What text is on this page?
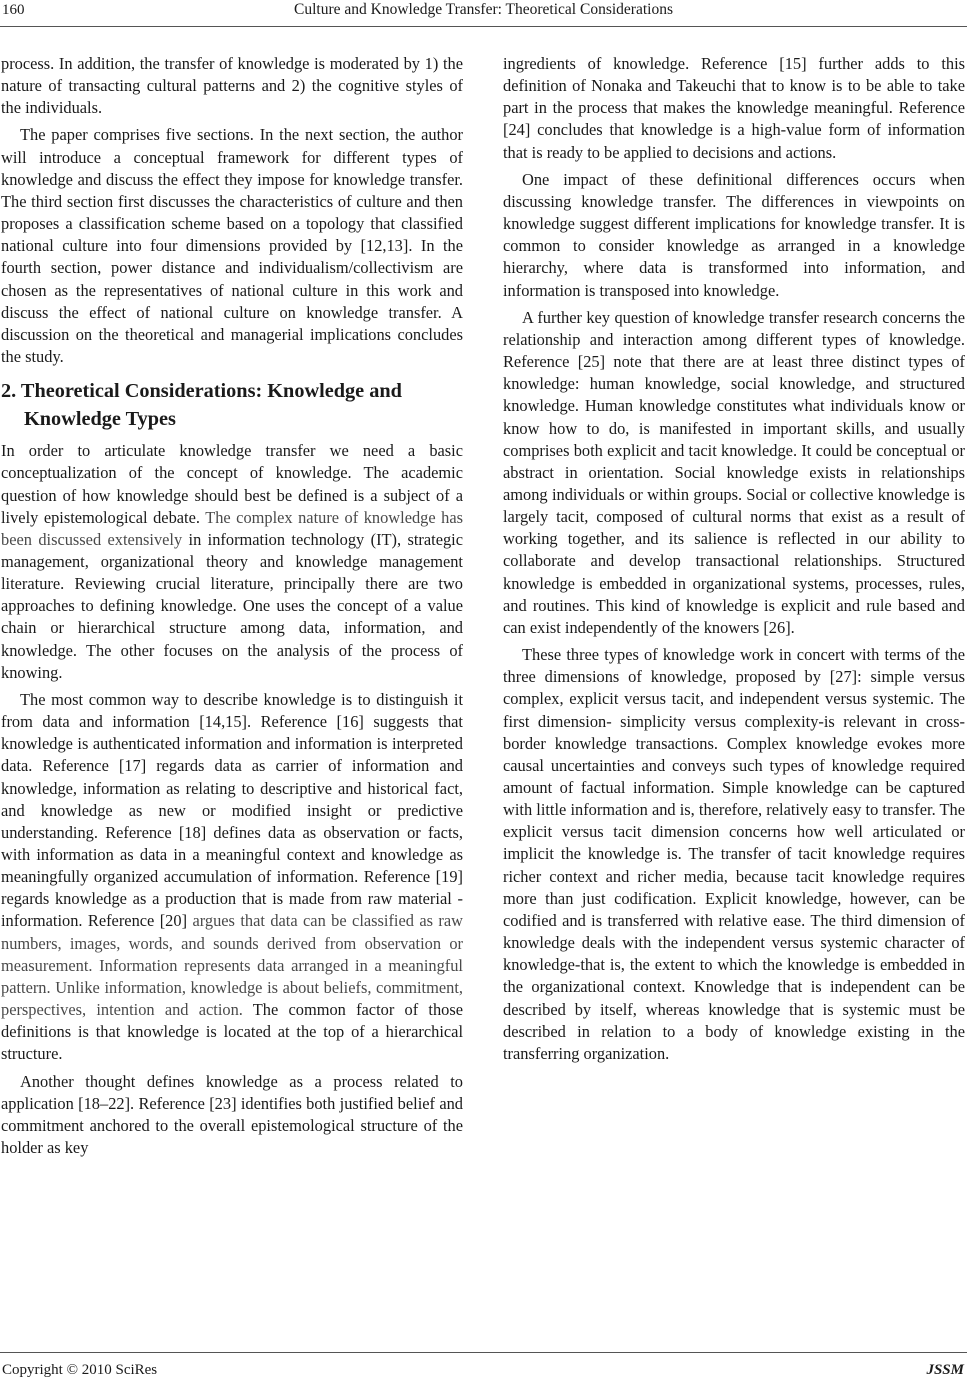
160	Culture and Knowledge Transfer: Theoretical Considerations

process. In addition, the transfer of knowledge is moderated by 1) the nature of transacting cultural patterns and 2) the cognitive styles of the individuals.

The paper comprises five sections. In the next section, the author will introduce a conceptual framework for different types of knowledge and discuss the effect they impose for knowledge transfer. The third section first discusses the characteristics of culture and then proposes a classification scheme based on a topology that classified national culture into four dimensions provided by [12,13]. In the fourth section, power distance and individualism/collectivism are chosen as the representatives of national culture in this work and discuss the effect of national culture on knowledge transfer. A discussion on the theoretical and managerial implications concludes the study.

2. Theoretical Considerations: Knowledge and Knowledge Types

In order to articulate knowledge transfer we need a basic conceptualization of the concept of knowledge. The academic question of how knowledge should best be defined is a subject of a lively epistemological debate. The complex nature of knowledge has been discussed extensively in information technology (IT), strategic management, organizational theory and knowledge management literature. Reviewing crucial literature, principally there are two approaches to defining knowledge. One uses the concept of a value chain or hierarchical structure among data, information, and knowledge. The other focuses on the analysis of the process of knowing.

The most common way to describe knowledge is to distinguish it from data and information [14,15]. Reference [16] suggests that knowledge is authenticated information and information is interpreted data. Reference [17] regards data as carrier of information and knowledge, information as relating to descriptive and historical fact, and knowledge as new or modified insight or predictive understanding. Reference [18] defines data as observation or facts, with information as data in a meaningful context and knowledge as meaningfully organized accumulation of information. Reference [19] regards knowledge as a production that is made from raw material - information. Reference [20] argues that data can be classified as raw numbers, images, words, and sounds derived from observation or measurement. Information represents data arranged in a meaningful pattern. Unlike information, knowledge is about beliefs, commitment, perspectives, intention and action. The common factor of those definitions is that knowledge is located at the top of a hierarchical structure.

Another thought defines knowledge as a process related to application [18–22]. Reference [23] identifies both justified belief and commitment anchored to the overall epistemological structure of the holder as key

ingredients of knowledge. Reference [15] further adds to this definition of Nonaka and Takeuchi that to know is to be able to take part in the process that makes the knowledge meaningful. Reference [24] concludes that knowledge is a high-value form of information that is ready to be applied to decisions and actions.

One impact of these definitional differences occurs when discussing knowledge transfer. The differences in viewpoints on knowledge suggest different implications for knowledge transfer. It is common to consider knowledge as arranged in a knowledge hierarchy, where data is transformed into information, and information is transposed into knowledge.

A further key question of knowledge transfer research concerns the relationship and interaction among different types of knowledge. Reference [25] note that there are at least three distinct types of knowledge: human knowledge, social knowledge, and structured knowledge. Human knowledge constitutes what individuals know or know how to do, is manifested in important skills, and usually comprises both explicit and tacit knowledge. It could be conceptual or abstract in orientation. Social knowledge exists in relationships among individuals or within groups. Social or collective knowledge is largely tacit, composed of cultural norms that exist as a result of working together, and its salience is reflected in our ability to collaborate and develop transactional relationships. Structured knowledge is embedded in organizational systems, processes, rules, and routines. This kind of knowledge is explicit and rule based and can exist independently of the knowers [26].

These three types of knowledge work in concert with terms of the three dimensions of knowledge, proposed by [27]: simple versus complex, explicit versus tacit, and independent versus systemic. The first dimension- simplicity versus complexity-is relevant in cross-border knowledge transactions. Complex knowledge evokes more causal uncertainties and conveys such types of knowledge required amount of factual information. Simple knowledge can be captured with little information and is, therefore, relatively easy to transfer. The explicit versus tacit dimension concerns how well articulated or implicit the knowledge is. The transfer of tacit knowledge requires richer context and richer media, because tacit knowledge requires more than just codification. Explicit knowledge, however, can be codified and is transferred with relative ease. The third dimension of knowledge deals with the independent versus systemic character of knowledge-that is, the extent to which the knowledge is embedded in the organizational context. Knowledge that is independent can be described by itself, whereas knowledge that is systemic must be described in relation to a body of knowledge existing in the transferring organization.

Copyright © 2010 SciRes	JSSM
